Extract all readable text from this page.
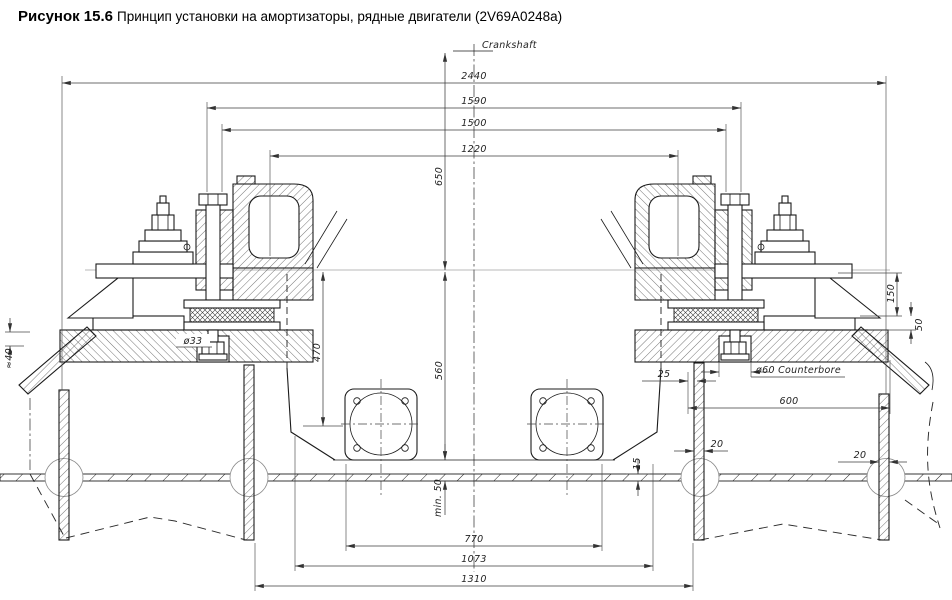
Рисунок 15.6 Принцип установки на амортизаторы, рядные двигатели (2V69A0248a)
2440
1590
1500
1220
650
470
560
min. 50
770
1073
1310
150
50
25	ø60 Counterbore
600
20
20
15
ø33
≈40
Crankshaft
